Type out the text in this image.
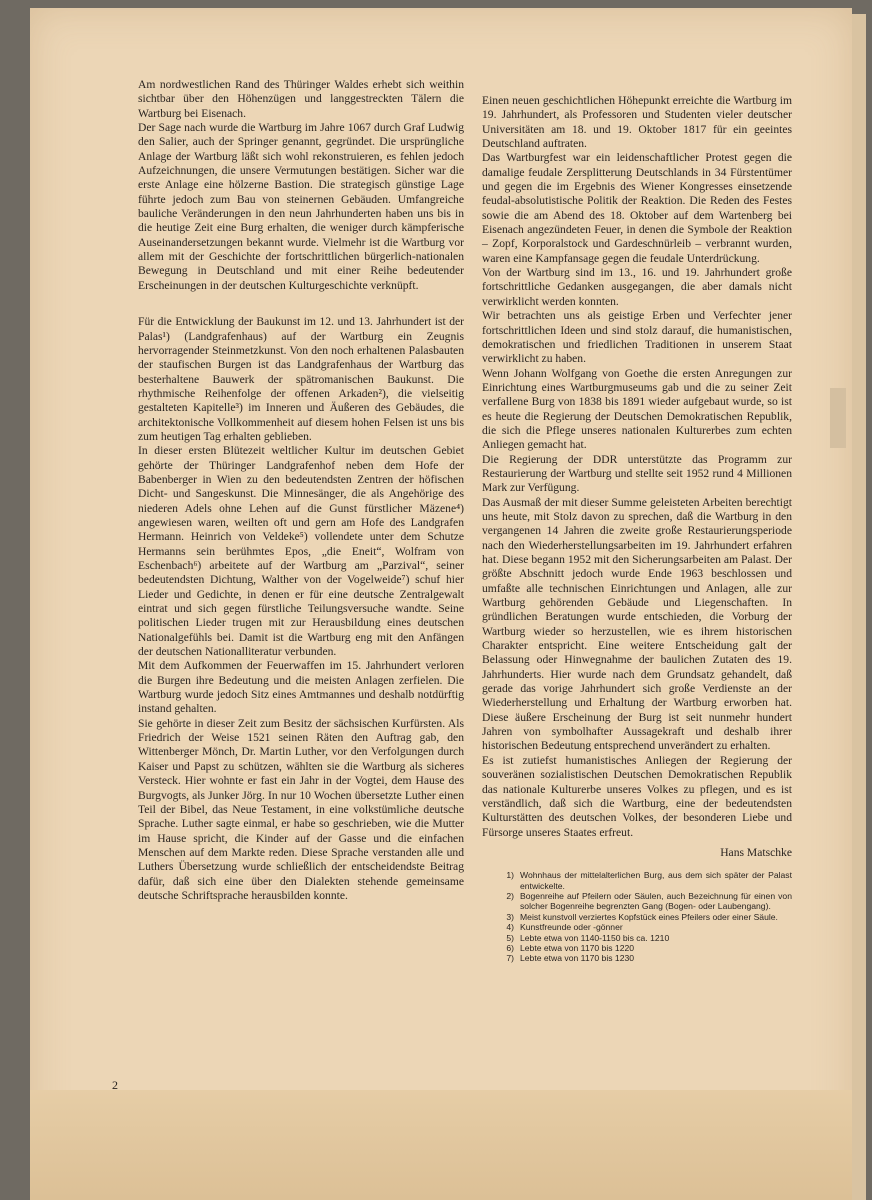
Am nordwestlichen Rand des Thüringer Waldes erhebt sich weithin sichtbar über den Höhenzügen und langgestreckten Tälern die Wartburg bei Eisenach.

Der Sage nach wurde die Wartburg im Jahre 1067 durch Graf Ludwig den Salier, auch der Springer genannt, gegründet. Die ursprüngliche Anlage der Wartburg läßt sich wohl rekonstruieren, es fehlen jedoch Aufzeichnungen, die unsere Vermutungen bestätigen. Sicher war die erste Anlage eine hölzerne Bastion. Die strategisch günstige Lage führte jedoch zum Bau von steinernen Gebäuden. Umfangreiche bauliche Veränderungen in den neun Jahrhunderten haben uns bis in die heutige Zeit eine Burg erhalten, die weniger durch kämpferische Auseinandersetzungen bekannt wurde. Vielmehr ist die Wartburg vor allem mit der Geschichte der fortschrittlichen bürgerlich-nationalen Bewegung in Deutschland und mit einer Reihe bedeutender Erscheinungen in der deutschen Kulturgeschichte verknüpft.

Für die Entwicklung der Baukunst im 12. und 13. Jahrhundert ist der Palas¹) (Landgrafenhaus) auf der Wartburg ein Zeugnis hervorragender Steinmetzkunst. Von den noch erhaltenen Palasbauten der staufischen Burgen ist das Landgrafenhaus der Wartburg das besterhaltene Bauwerk der spätromanischen Baukunst. Die rhythmische Reihenfolge der offenen Arkaden²), die vielseitig gestalteten Kapitelle³) im Inneren und Äußeren des Gebäudes, die architektonische Vollkommenheit auf diesem hohen Felsen ist uns bis zum heutigen Tag erhalten geblieben.

In dieser ersten Blütezeit weltlicher Kultur im deutschen Gebiet gehörte der Thüringer Landgrafenhof neben dem Hofe der Babenberger in Wien zu den bedeutendsten Zentren der höfischen Dicht- und Sangeskunst. Die Minnesänger, die als Angehörige des niederen Adels ohne Lehen auf die Gunst fürstlicher Mäzene⁴) angewiesen waren, weilten oft und gern am Hofe des Landgrafen Hermann. Heinrich von Veldeke⁵) vollendete unter dem Schutze Hermanns sein berühmtes Epos, „die Eneit“, Wolfram von Eschenbach⁶) arbeitete auf der Wartburg am „Parzival“, seiner bedeutendsten Dichtung, Walther von der Vogelweide⁷) schuf hier Lieder und Gedichte, in denen er für eine deutsche Zentralgewalt eintrat und sich gegen fürstliche Teilungsversuche wandte. Seine politischen Lieder trugen mit zur Herausbildung eines deutschen Nationalgefühls bei. Damit ist die Wartburg eng mit den Anfängen der deutschen Nationalliteratur verbunden.

Mit dem Aufkommen der Feuerwaffen im 15. Jahrhundert verloren die Burgen ihre Bedeutung und die meisten Anlagen zerfielen. Die Wartburg wurde jedoch Sitz eines Amtmannes und deshalb notdürftig instand gehalten.

Sie gehörte in dieser Zeit zum Besitz der sächsischen Kurfürsten. Als Friedrich der Weise 1521 seinen Räten den Auftrag gab, den Wittenberger Mönch, Dr. Martin Luther, vor den Verfolgungen durch Kaiser und Papst zu schützen, wählten sie die Wartburg als sicheres Versteck. Hier wohnte er fast ein Jahr in der Vogtei, dem Hause des Burgvogts, als Junker Jörg. In nur 10 Wochen übersetzte Luther einen Teil der Bibel, das Neue Testament, in eine volkstümliche deutsche Sprache. Luther sagte einmal, er habe so geschrieben, wie die Mutter im Hause spricht, die Kinder auf der Gasse und die einfachen Menschen auf dem Markte reden. Diese Sprache verstanden alle und Luthers Übersetzung wurde schließlich der entscheidendste Beitrag dafür, daß sich eine über den Dialekten stehende gemeinsame deutsche Schriftsprache herausbilden konnte.

Einen neuen geschichtlichen Höhepunkt erreichte die Wartburg im 19. Jahrhundert, als Professoren und Studenten vieler deutscher Universitäten am 18. und 19. Oktober 1817 für ein geeintes Deutschland auftraten.

Das Wartburgfest war ein leidenschaftlicher Protest gegen die damalige feudale Zersplitterung Deutschlands in 34 Fürstentümer und gegen die im Ergebnis des Wiener Kongresses einsetzende feudal-absolutistische Politik der Reaktion. Die Reden des Festes sowie die am Abend des 18. Oktober auf dem Wartenberg bei Eisenach angezündeten Feuer, in denen die Symbole der Reaktion – Zopf, Korporalstock und Gardeschnürleib – verbrannt wurden, waren eine Kampfansage gegen die feudale Unterdrückung.

Von der Wartburg sind im 13., 16. und 19. Jahrhundert große fortschrittliche Gedanken ausgegangen, die aber damals nicht verwirklicht werden konnten.

Wir betrachten uns als geistige Erben und Verfechter jener fortschrittlichen Ideen und sind stolz darauf, die humanistischen, demokratischen und friedlichen Traditionen in unserem Staat verwirklicht zu haben.

Wenn Johann Wolfgang von Goethe die ersten Anregungen zur Einrichtung eines Wartburgmuseums gab und die zu seiner Zeit verfallene Burg von 1838 bis 1891 wieder aufgebaut wurde, so ist es heute die Regierung der Deutschen Demokratischen Republik, die sich die Pflege unseres nationalen Kulturerbes zum echten Anliegen gemacht hat.

Die Regierung der DDR unterstützte das Programm zur Restaurierung der Wartburg und stellte seit 1952 rund 4 Millionen Mark zur Verfügung.

Das Ausmaß der mit dieser Summe geleisteten Arbeiten berechtigt uns heute, mit Stolz davon zu sprechen, daß die Wartburg in den vergangenen 14 Jahren die zweite große Restaurierungsperiode nach den Wiederherstellungsarbeiten im 19. Jahrhundert erfahren hat. Diese begann 1952 mit den Sicherungsarbeiten am Palast. Der größte Abschnitt jedoch wurde Ende 1963 beschlossen und umfaßte alle technischen Einrichtungen und Anlagen, alle zur Wartburg gehörenden Gebäude und Liegenschaften. In gründlichen Beratungen wurde entschieden, die Vorburg der Wartburg wieder so herzustellen, wie es ihrem historischen Charakter entspricht. Eine weitere Entscheidung galt der Belassung oder Hinwegnahme der baulichen Zutaten des 19. Jahrhunderts. Hier wurde nach dem Grundsatz gehandelt, daß gerade das vorige Jahrhundert sich große Verdienste an der Wiederherstellung und Erhaltung der Wartburg erworben hat. Diese äußere Erscheinung der Burg ist seit nunmehr hundert Jahren von symbolhafter Aussagekraft und deshalb ihrer historischen Bedeutung entsprechend unverändert zu erhalten.

Es ist zutiefst humanistisches Anliegen der Regierung der souveränen sozialistischen Deutschen Demokratischen Republik das nationale Kulturerbe unseres Volkes zu pflegen, und es ist verständlich, daß sich die Wartburg, eine der bedeutendsten Kulturstätten des deutschen Volkes, der besonderen Liebe und Fürsorge unseres Staates erfreut.

Hans Matschke
1) Wohnhaus der mittelalterlichen Burg, aus dem sich später der Palast entwickelte.
2) Bogenreihe auf Pfeilern oder Säulen, auch Bezeichnung für einen von solcher Bogenreihe begrenzten Gang (Bogen- oder Laubengang).
3) Meist kunstvoll verziertes Kopfstück eines Pfeilers oder einer Säule.
4) Kunstfreunde oder -gönner
5) Lebte etwa von 1140-1150 bis ca. 1210
6) Lebte etwa von 1170 bis 1220
7) Lebte etwa von 1170 bis 1230
2
